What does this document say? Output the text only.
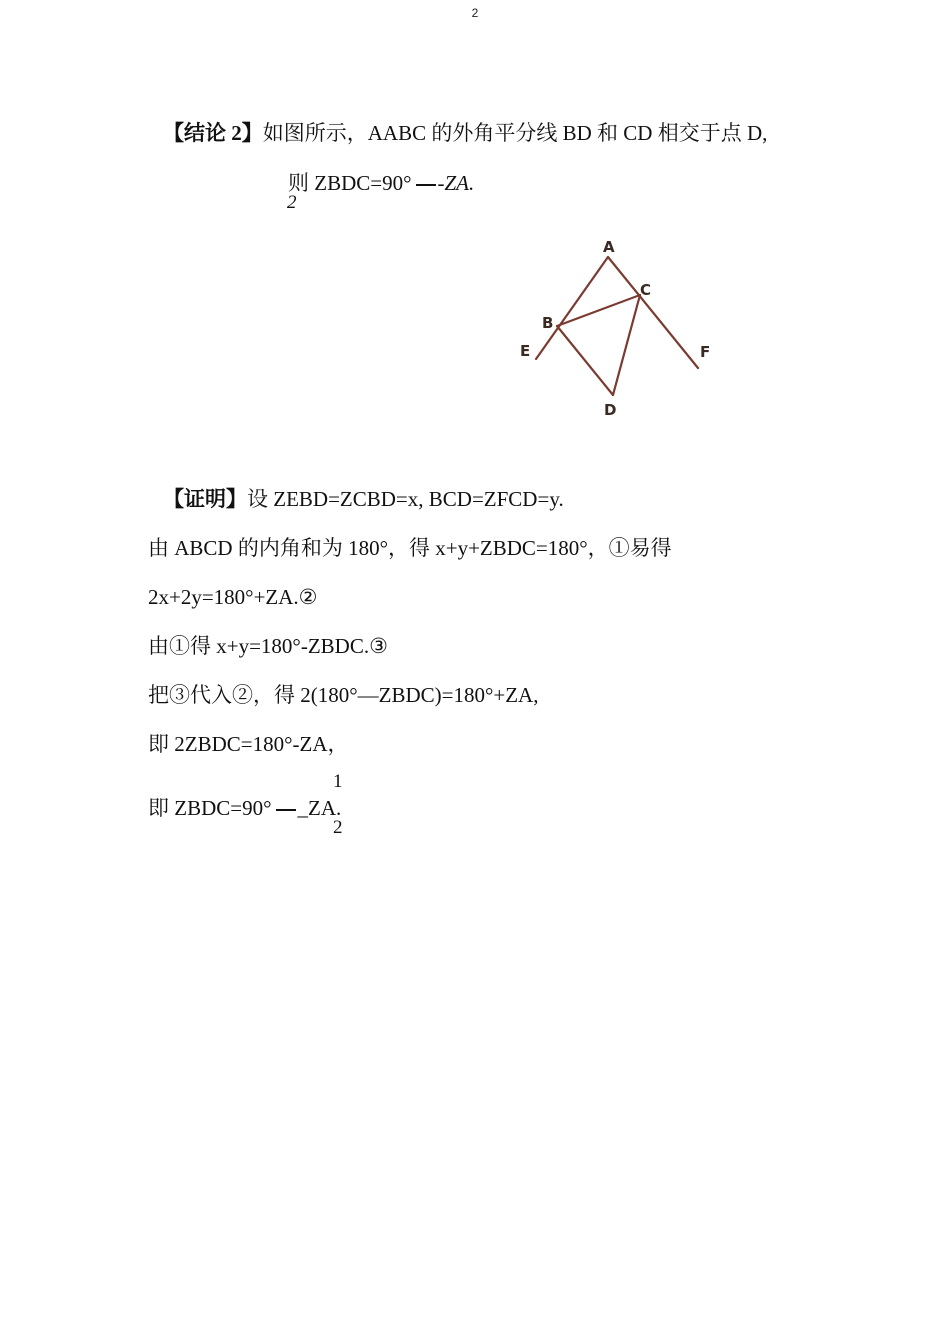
2
【结论 2】如图所示，AABC 的外角平分线 BD 和 CD 相交于点 D,
则 ZBDC=90° -ZA.
2
A
B
C
D
E	F
【证明】设 ZEBD=ZCBD=x, BCD=ZFCD=y.
由 ABCD 的内角和为 180°，得 x+y+ZBDC=180°，①易得
2x+2y=180°+ZA.②
由①得 x+y=180°-ZBDC.③
把③代入②，得 2(180°—ZBDC)=180°+ZA,
即 2ZBDC=180°-ZA，
1
即 ZBDC=90° _ZA.
2
